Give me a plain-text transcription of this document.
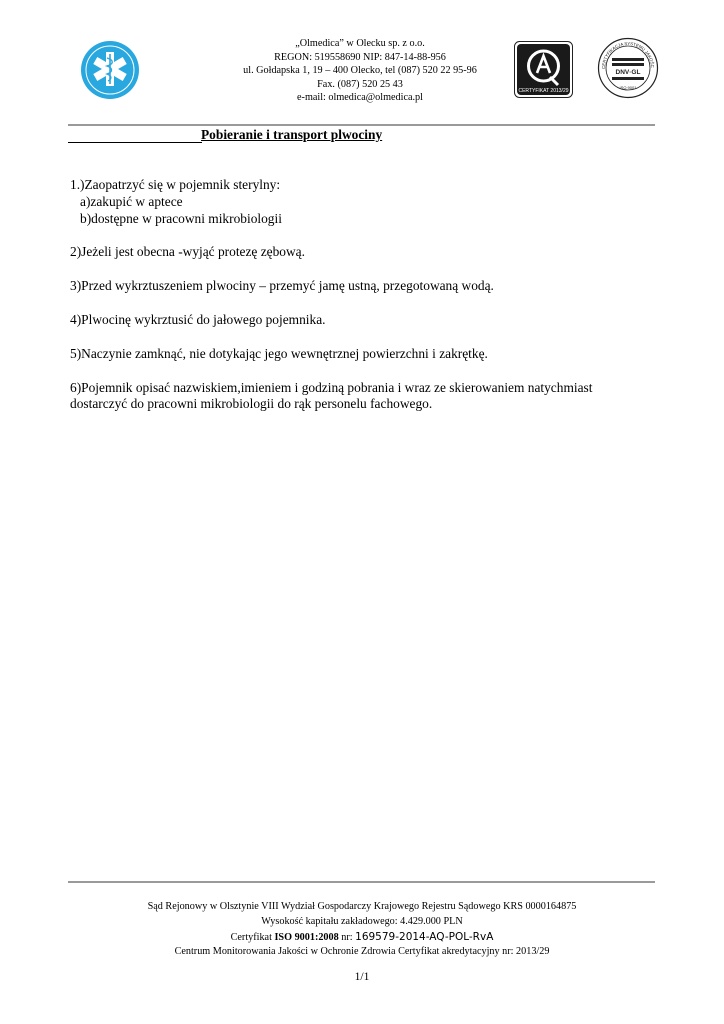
„Olmedica” w Olecku sp. z o.o.
REGON: 519558690 NIP: 847-14-88-956
ul. Gołdapska 1, 19 – 400 Olecko, tel (087) 520 22 95-96
Fax. (087) 520 25 43
e-mail: olmedica@olmedica.pl
CERTYFIKAT 2013/29
CERTYFIKACJA SYSTEMU JAKOŚC
DNV·GL
ISO 9001
Pobieranie i transport plwociny

1.)Zaopatrzyć się w pojemnik sterylny:

a)zakupić w aptece

b)dostępne w pracowni mikrobiologii

2)Jeżeli jest obecna -wyjąć protezę zębową.

3)Przed wykrztuszeniem plwociny – przemyć jamę ustną, przegotowaną wodą.

4)Plwocinę wykrztusić do jałowego pojemnika.

5)Naczynie zamknąć, nie dotykając jego wewnętrznej powierzchni i zakrętkę.

6)Pojemnik opisać nazwiskiem,imieniem i godziną pobrania i wraz ze skierowaniem natychmiast

dostarczyć do pracowni mikrobiologii do rąk personelu fachowego.

Sąd Rejonowy w Olsztynie VIII Wydział Gospodarczy Krajowego Rejestru Sądowego KRS 0000164875
Wysokość kapitału zakładowego: 4.429.000 PLN
Certyfikat ISO 9001:2008 nr: 169579-2014-AQ-POL-RvA
Centrum Monitorowania Jakości w Ochronie Zdrowia Certyfikat akredytacyjny nr: 2013/29
1/1
